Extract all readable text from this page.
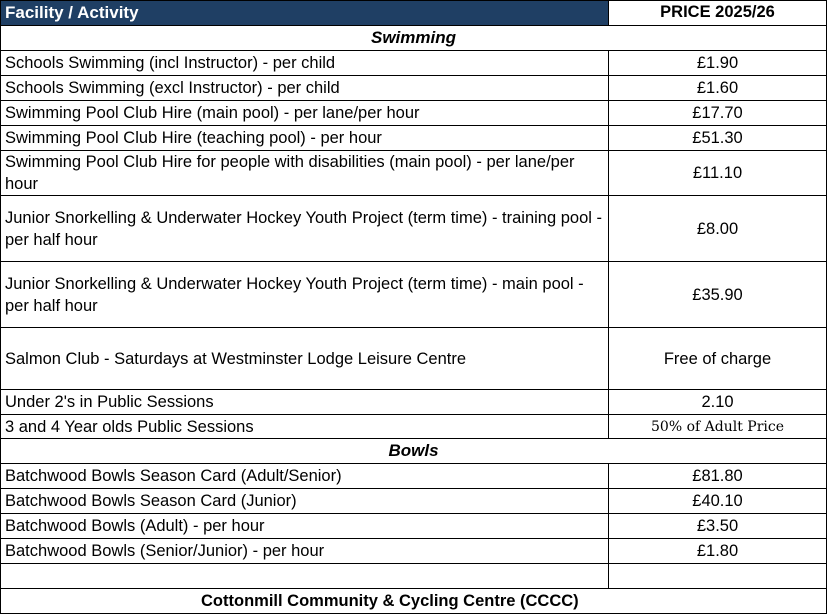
Facility / Activity	PRICE 2025/26
Swimming	
Schools Swimming (incl Instructor) - per child	£1.90
Schools Swimming (excl Instructor) - per child	£1.60
Swimming Pool Club Hire (main pool) - per lane/per hour	£17.70
Swimming Pool Club Hire (teaching pool) - per hour	£51.30
Swimming Pool Club Hire for people with disabilities (main pool) - per lane/per hour	£11.10
Junior Snorkelling & Underwater Hockey Youth Project (term time) - training pool - per half hour	£8.00
Junior Snorkelling & Underwater Hockey Youth Project (term time) - main pool - per half hour	£35.90
Salmon Club - Saturdays at Westminster Lodge Leisure Centre	Free of charge
Under 2's in Public Sessions	2.10
3 and 4 Year olds Public Sessions	50% of Adult Price
Bowls	
Batchwood Bowls Season Card (Adult/Senior)	£81.80
Batchwood Bowls Season Card (Junior)	£40.10
Batchwood Bowls (Adult) - per hour	£3.50
Batchwood Bowls (Senior/Junior) - per hour	£1.80

Cottonmill Community & Cycling Centre (CCCC)	
